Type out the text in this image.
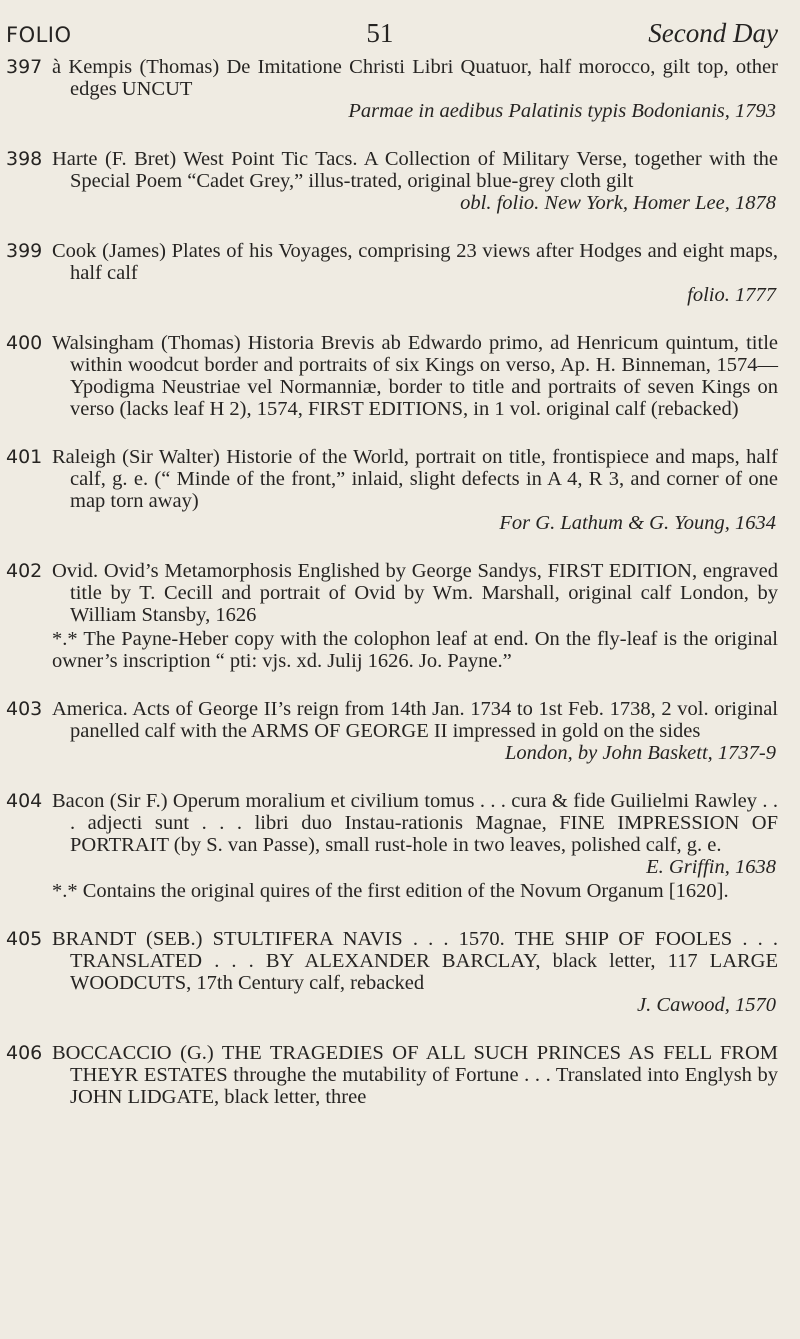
FOLIO	51	Second Day
397 à Kempis (Thomas) De Imitatione Christi Libri Quatuor, half morocco, gilt top, other edges UNCUT

Parmae in aedibus Palatinis typis Bodonianis, 1793

398 Harte (F. Bret) West Point Tic Tacs. A Collection of Military Verse, together with the Special Poem “Cadet Grey,” illus-trated, original blue-grey cloth gilt

obl. folio. New York, Homer Lee, 1878

399 Cook (James) Plates of his Voyages, comprising 23 views after Hodges and eight maps, half calf

folio. 1777

400 Walsingham (Thomas) Historia Brevis ab Edwardo primo, ad Henricum quintum, title within woodcut border and portraits of six Kings on verso, Ap. H. Binneman, 1574—Ypodigma Neustriae vel Normanniæ, border to title and portraits of seven Kings on verso (lacks leaf H 2), 1574, FIRST EDITIONS, in 1 vol. original calf (rebacked)

401 Raleigh (Sir Walter) Historie of the World, portrait on title, frontispiece and maps, half calf, g. e. (“ Minde of the front,” inlaid, slight defects in A 4, R 3, and corner of one map torn away)

For G. Lathum & G. Young, 1634

402 Ovid. Ovid’s Metamorphosis Englished by George Sandys, FIRST EDITION, engraved title by T. Cecill and portrait of Ovid by Wm. Marshall, original calf London, by William Stansby, 1626

*.* The Payne-Heber copy with the colophon leaf at end. On the fly-leaf is the original owner’s inscription “ pti: vjs. xd. Julij 1626. Jo. Payne.”

403 America. Acts of George II’s reign from 14th Jan. 1734 to 1st Feb. 1738, 2 vol. original panelled calf with the ARMS OF GEORGE II impressed in gold on the sides

London, by John Baskett, 1737-9

404 Bacon (Sir F.) Operum moralium et civilium tomus . . . cura & fide Guilielmi Rawley . . . adjecti sunt . . . libri duo Instau-rationis Magnae, FINE IMPRESSION OF PORTRAIT (by S. van Passe), small rust-hole in two leaves, polished calf, g. e.

E. Griffin, 1638

*.* Contains the original quires of the first edition of the Novum Organum [1620].

405 BRANDT (SEB.) STULTIFERA NAVIS . . . 1570. THE SHIP OF FOOLES . . . TRANSLATED . . . BY ALEXANDER BARCLAY, black letter, 117 LARGE WOODCUTS, 17th Century calf, rebacked

J. Cawood, 1570

406 BOCCACCIO (G.) THE TRAGEDIES OF ALL SUCH PRINCES AS FELL FROM THEYR ESTATES throughe the mutability of Fortune . . . Translated into Englysh by JOHN LIDGATE, black letter, three
